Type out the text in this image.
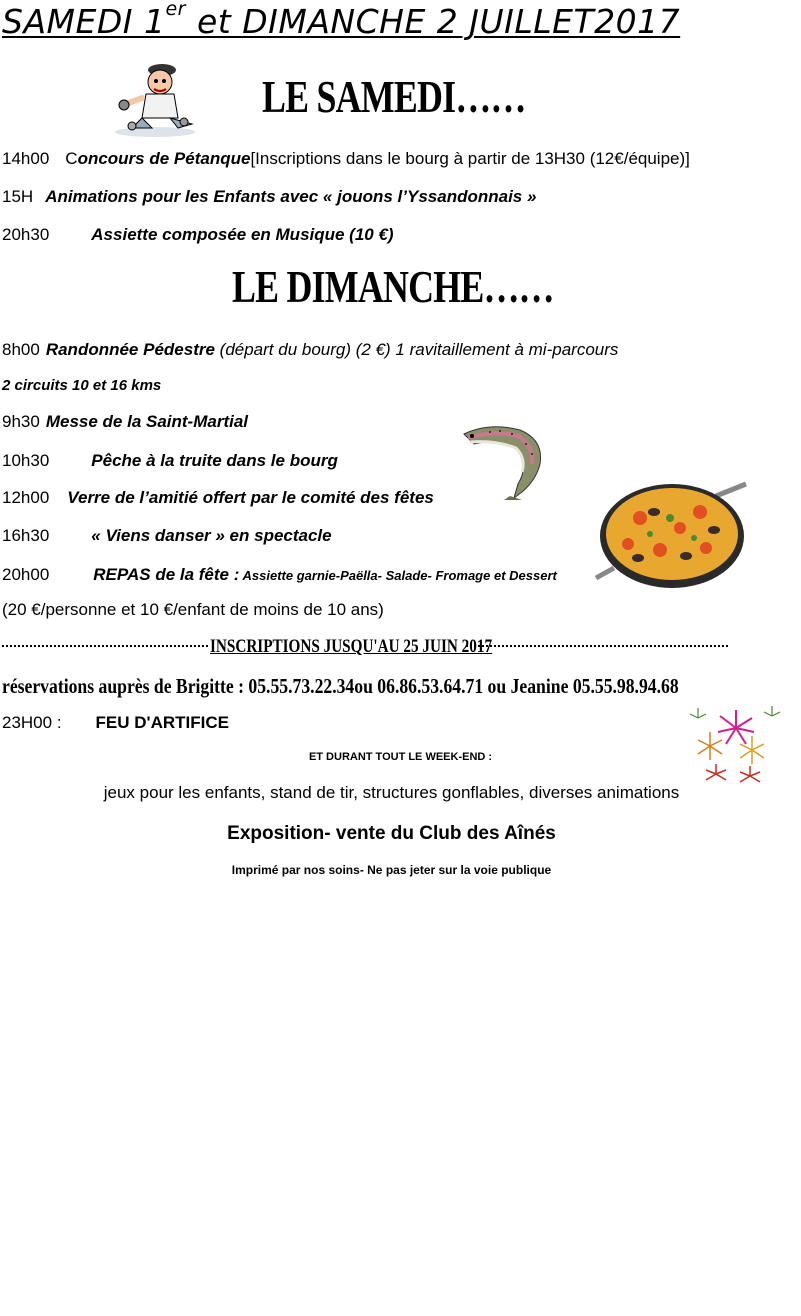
SAMEDI 1er et DIMANCHE 2 JUILLET2017
LE SAMEDI……
14h00 Concours de Pétanque[Inscriptions dans le bourg à partir de 13H30 (12€/équipe)]
15H Animations pour les Enfants avec « jouons l’Yssandonnais »
20h30 Assiette composée en Musique (10 €)
LE DIMANCHE……
8h00 Randonnée Pédestre (départ du bourg) (2 €) 1 ravitaillement à mi-parcours
2 circuits 10 et 16 kms
9h30 Messe de la Saint-Martial
10h30 Pêche à la truite dans le bourg
12h00 Verre de l’amitié offert par le comité des fêtes
16h30 « Viens danser » en spectacle
20h00	REPAS de la fête : Assiette garnie-Paëlla- Salade- Fromage et Dessert
(20 €/personne et 10 €/enfant de moins de 10 ans)
INSCRIPTIONS JUSQU'AU 25 JUIN 2017
réservations auprès de Brigitte : 05.55.73.22.34ou 06.86.53.64.71 ou Jeanine 05.55.98.94.68
23H00 : FEU D'ARTIFICE
ET DURANT TOUT LE WEEK-END :
jeux pour les enfants, stand de tir, structures gonflables, diverses animations
Exposition- vente du Club des Aînés
Imprimé par nos soins- Ne pas jeter sur la voie publique
